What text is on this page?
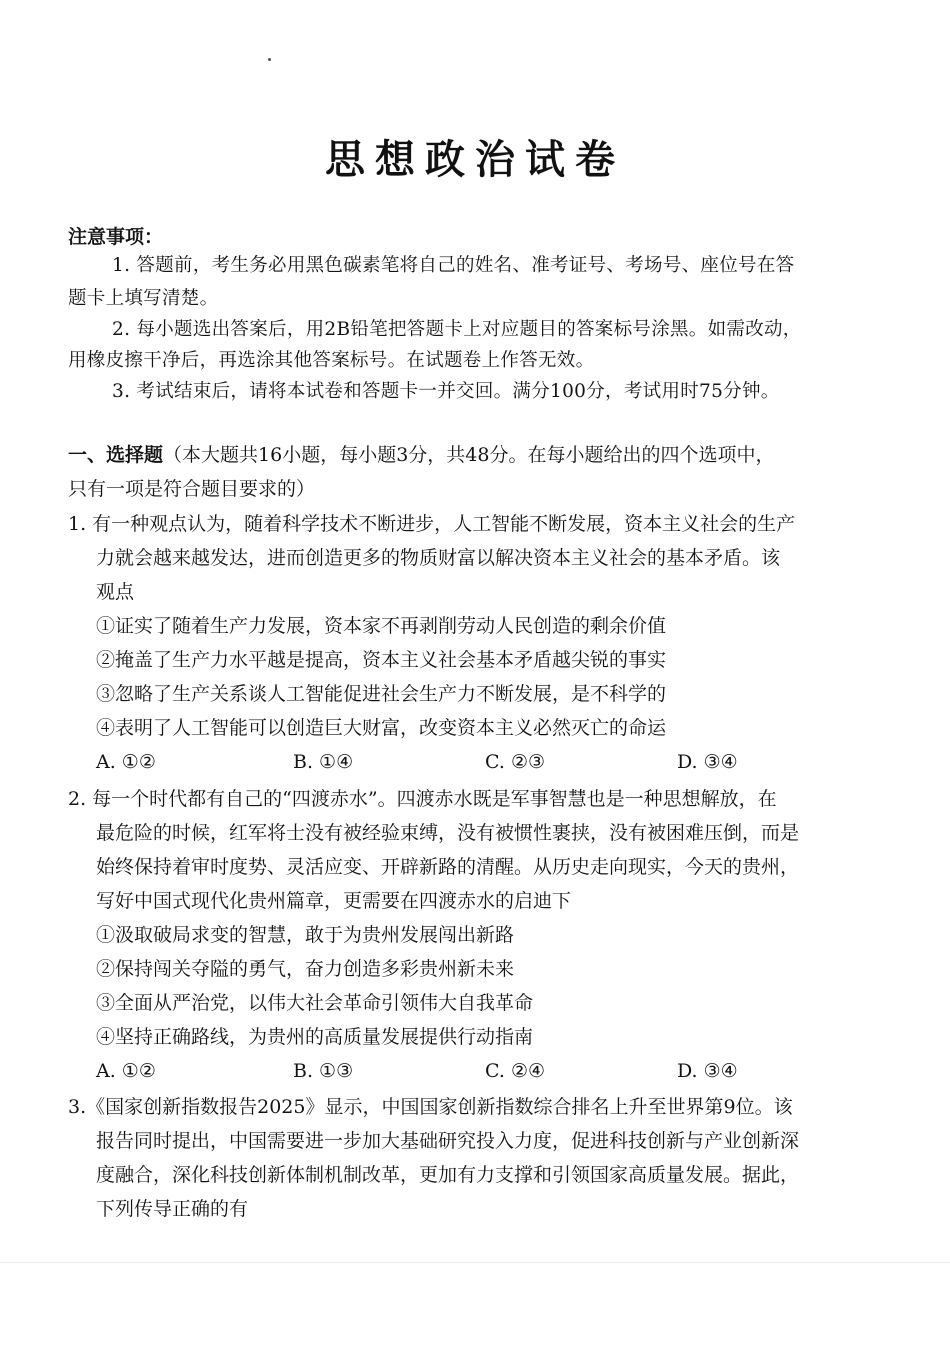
思想政治试卷
注意事项：
1. 答题前，考生务必用黑色碳素笔将自己的姓名、准考证号、考场号、座位号在答
题卡上填写清楚。
2. 每小题选出答案后，用2B铅笔把答题卡上对应题目的答案标号涂黑。如需改动，
用橡皮擦干净后，再选涂其他答案标号。在试题卷上作答无效。
3. 考试结束后，请将本试卷和答题卡一并交回。满分100分，考试用时75分钟。
一、选择题（本大题共16小题，每小题3分，共48分。在每小题给出的四个选项中，
只有一项是符合题目要求的）
1. 有一种观点认为，随着科学技术不断进步，人工智能不断发展，资本主义社会的生产
力就会越来越发达，进而创造更多的物质财富以解决资本主义社会的基本矛盾。该
观点
①证实了随着生产力发展，资本家不再剥削劳动人民创造的剩余价值
②掩盖了生产力水平越是提高，资本主义社会基本矛盾越尖锐的事实
③忽略了生产关系谈人工智能促进社会生产力不断发展，是不科学的
④表明了人工智能可以创造巨大财富，改变资本主义必然灭亡的命运
A. ①②	B. ①④	C. ②③	D. ③④
2. 每一个时代都有自己的“四渡赤水”。四渡赤水既是军事智慧也是一种思想解放，在
最危险的时候，红军将士没有被经验束缚，没有被惯性裹挟，没有被困难压倒，而是
始终保持着审时度势、灵活应变、开辟新路的清醒。从历史走向现实，今天的贵州，
写好中国式现代化贵州篇章，更需要在四渡赤水的启迪下
①汲取破局求变的智慧，敢于为贵州发展闯出新路
②保持闯关夺隘的勇气，奋力创造多彩贵州新未来
③全面从严治党，以伟大社会革命引领伟大自我革命
④坚持正确路线，为贵州的高质量发展提供行动指南
A. ①②	B. ①③	C. ②④	D. ③④
3.《国家创新指数报告2025》显示，中国国家创新指数综合排名上升至世界第9位。该
报告同时提出，中国需要进一步加大基础研究投入力度，促进科技创新与产业创新深
度融合，深化科技创新体制机制改革，更加有力支撑和引领国家高质量发展。据此，
下列传导正确的有
